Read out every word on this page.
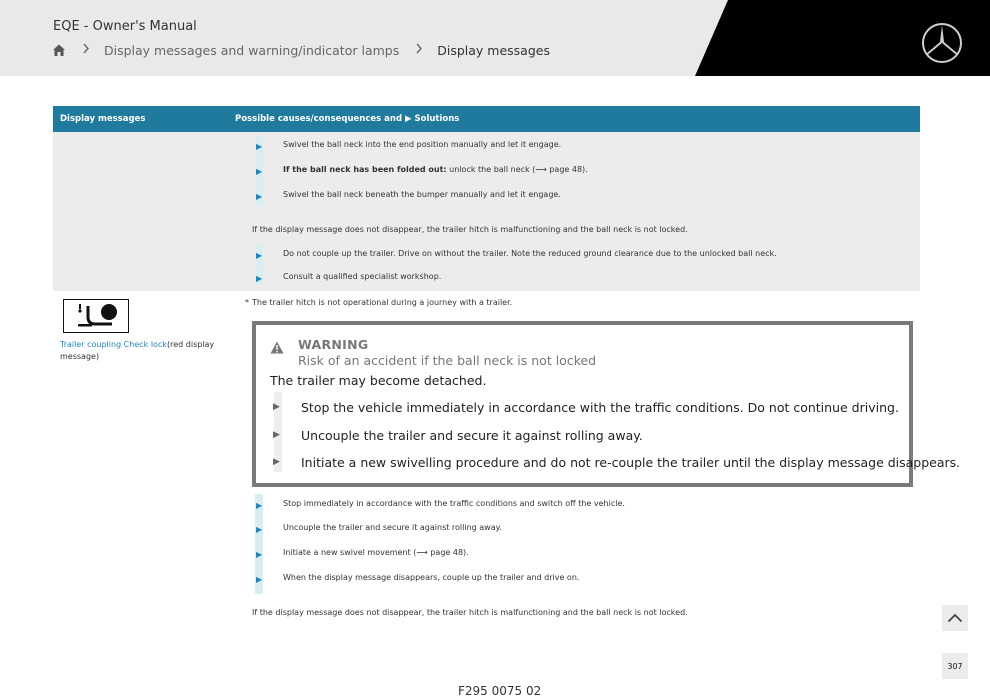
EQE - Owner's Manual
Display messages and warning/indicator lamps	Display messages
Display messages	Possible causes/consequences and ▶ Solutions
▶	Swivel the ball neck into the end position manually and let it engage.
▶	If the ball neck has been folded out: unlock the ball neck (⟶ page 48).
▶	Swivel the ball neck beneath the bumper manually and let it engage.
If the display message does not disappear, the trailer hitch is malfunctioning and the ball neck is not locked.
▶	Do not couple up the trailer. Drive on without the trailer. Note the reduced ground clearance due to the unlocked ball neck.
▶	Consult a qualified specialist workshop.
Trailer coupling Check lock(red display message)
* The trailer hitch is not operational during a journey with a trailer.
WARNING
Risk of an accident if the ball neck is not locked
The trailer may become detached.
▶ Stop the vehicle immediately in accordance with the traffic conditions. Do not continue driving.
▶ Uncouple the trailer and secure it against rolling away.
▶ Initiate a new swivelling procedure and do not re-couple the trailer until the display message disappears.
▶	Stop immediately in accordance with the traffic conditions and switch off the vehicle.
▶	Uncouple the trailer and secure it against rolling away.
▶	Initiate a new swivel movement (⟶ page 48).
▶	When the display message disappears, couple up the trailer and drive on.
If the display message does not disappear, the trailer hitch is malfunctioning and the ball neck is not locked.
307
F295 0075 02
